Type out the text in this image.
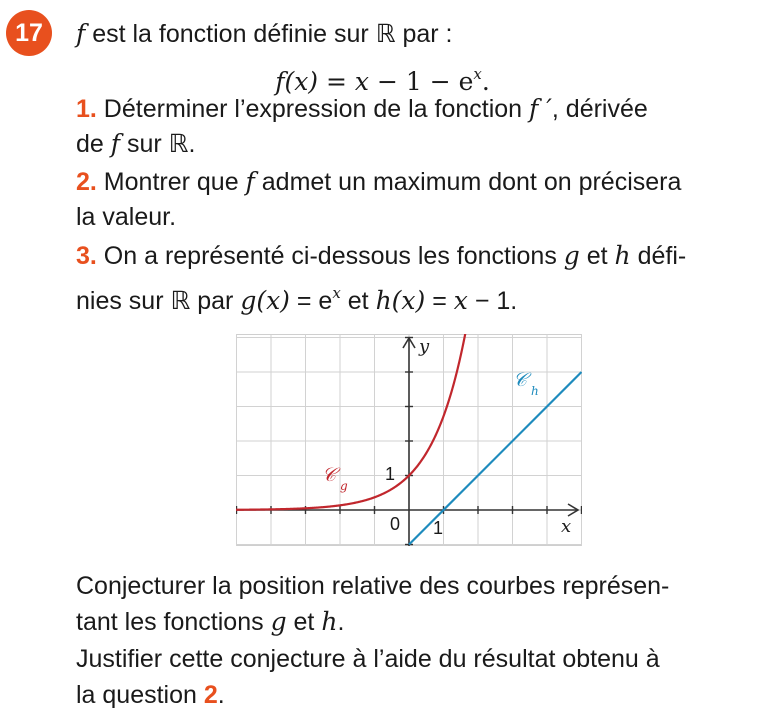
17	f est la fonction définie sur ℝ par :
$f(x) = x - 1 - e^x$.
1. Déterminer l’expression de la fonction f ′, dérivée
de f sur ℝ.
2. Montrer que f admet un maximum dont on précisera
la valeur.
3. On a représenté ci-dessous les fonctions g et h défi-
nies sur ℝ par $g(x) = e^x$ et h(x) = x − 1.
x
y
0 1
1
𝒞 g
𝒞 h
Conjecturer la position relative des courbes représen-
tant les fonctions g et h.
Justifier cette conjecture à l’aide du résultat obtenu à
la question 2.
